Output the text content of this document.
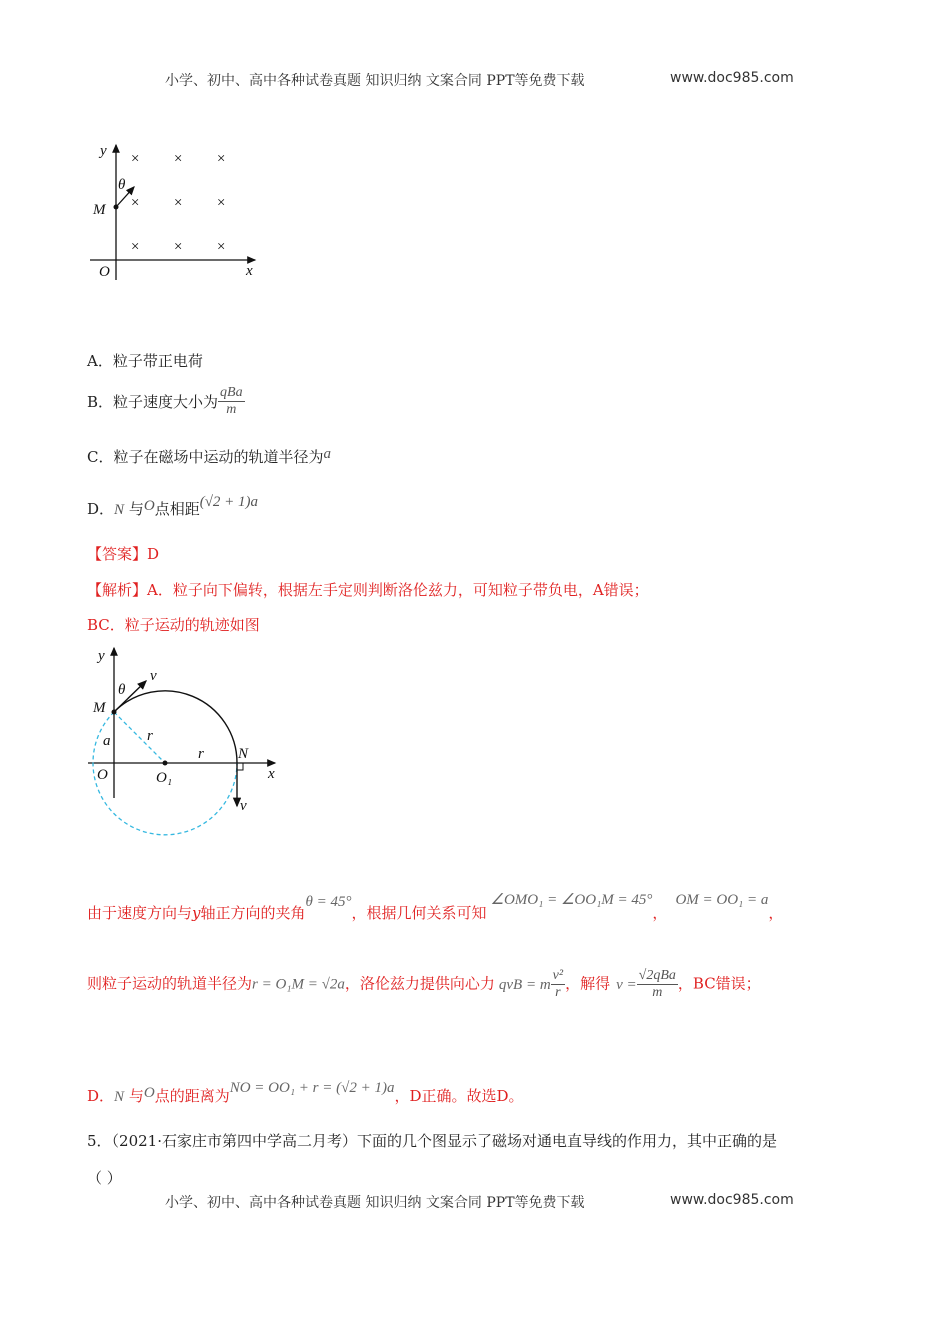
小学、初中、高中各种试卷真题 知识归纳 文案合同 PPT等免费下载	www.doc985.com
× × ×
× × ×
× × ×
y
x
O
M
θ
y
x
O
M
θ
v
a r
r N
O₁
v
A．粒子带正电荷
B．粒子速度大小为 $\frac{\text{qBa}}{m}$
C．粒子在磁场中运动的轨道半径为a
D．N 与O点相距(√2 + 1)a
【答案】D
【解析】A．粒子向下偏转，根据左手定则判断洛伦兹力，可知粒子带负电，A错误；
BC．粒子运动的轨迹如图
由于速度方向与y轴正方向的夹角θ = 45°，根据几何关系可知∠OMO₁ = ∠OO₁M = 45°，OM = OO₁ = a，
则粒子运动的轨道半径为r = O₁M = √2a，洛伦兹力提供向心力 qvB = m $\frac{\text{v²}}{r}$ ，解得 $v = \frac{\text{√2qBa}}{m}$ ，BC错误；
D．N 与O点的距离为NO = OO₁ + r = (√2 + 1)a，D正确。故选D。
5．（2021·石家庄市第四中学高二月考）下面的几个图显示了磁场对通电直导线的作用力，其中正确的是
（ ）
小学、初中、高中各种试卷真题 知识归纳 文案合同 PPT等免费下载	www.doc985.com
